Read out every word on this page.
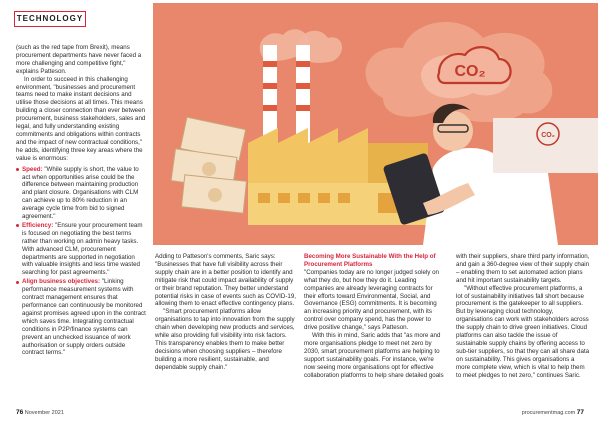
TECHNOLOGY
CO₂
CO₂

(such as the red tape from Brexit), means procurement departments have never faced a more challenging and competitive fight," explains Patteson.

In order to succeed in this challenging environment, "businesses and procurement teams need to make instant decisions and utilise those decisions at all times. This means building a closer connection than ever between procurement, business stakeholders, sales and legal, and fully understanding existing commitments and obligations within contracts and the impact of new contractual conditions," he adds, identifying three key areas where the value is enormous:

Speed: "While supply is short, the value to act when opportunities arise could be the difference between maintaining production and plant closure. Organisations with CLM can achieve up to 80% reduction in an average cycle time from bid to signed agreement."
Efficiency: "Ensure your procurement team is focused on negotiating the best terms rather than working on admin heavy tasks. With advanced CLM, procurement departments are supported in negotiation with valuable insights and less time wasted searching for past agreements."
Align business objectives: "Linking performance measurement systems with contract management ensures that performance can continuously be monitored against promises agreed upon in the contract which saves time. Integrating contractual conditions in P2P/finance systems can prevent an unchecked issuance of work authorisation or supply orders outside contract terms."

Adding to Patteson's comments, Saric says: "Businesses that have full visibility across their supply chain are in a better position to identify and mitigate risk that could impact availability of supply or their brand reputation. They better understand potential risks in case of events such as COVID-19, allowing them to enact effective contingency plans.

"Smart procurement platforms allow organisations to tap into innovation from the supply chain when developing new products and services, while also providing full visibility into risk factors. This transparency enables them to make better decisions when choosing suppliers – therefore building a more resilient, sustainable, and dependable supply chain."

Becoming More Sustainable With the Help of Procurement Platforms

"Companies today are no longer judged solely on what they do, but how they do it. Leading companies are already leveraging contracts for their efforts toward Environmental, Social, and Governance (ESG) commitments. It is becoming an increasing priority and procurement, with its control over company spend, has the power to drive positive change," says Patteson.

With this in mind, Saric adds that "as more and more organisations pledge to meet net zero by 2030, smart procurement platforms are helping to support sustainability goals. For instance, we're now seeing more organisations opt for effective collaboration platforms to help share detailed goals

with their suppliers, share third party information, and gain a 360-degree view of their supply chain – enabling them to set automated action plans and hit important sustainability targets.

"Without effective procurement platforms, a lot of sustainability initiatives fall short because procurement is the gatekeeper to all suppliers. But by leveraging cloud technology, organisations can work with stakeholders across the supply chain to drive green initiatives. Cloud platforms can also tackle the issue of sustainable supply chains by offering access to sub-tier suppliers, so that they can all share data on sustainability. This gives organisations a more complete view, which is vital to help them to meet pledges to net zero," continues Saric.

76 November 2021	procurementmag.com 77
